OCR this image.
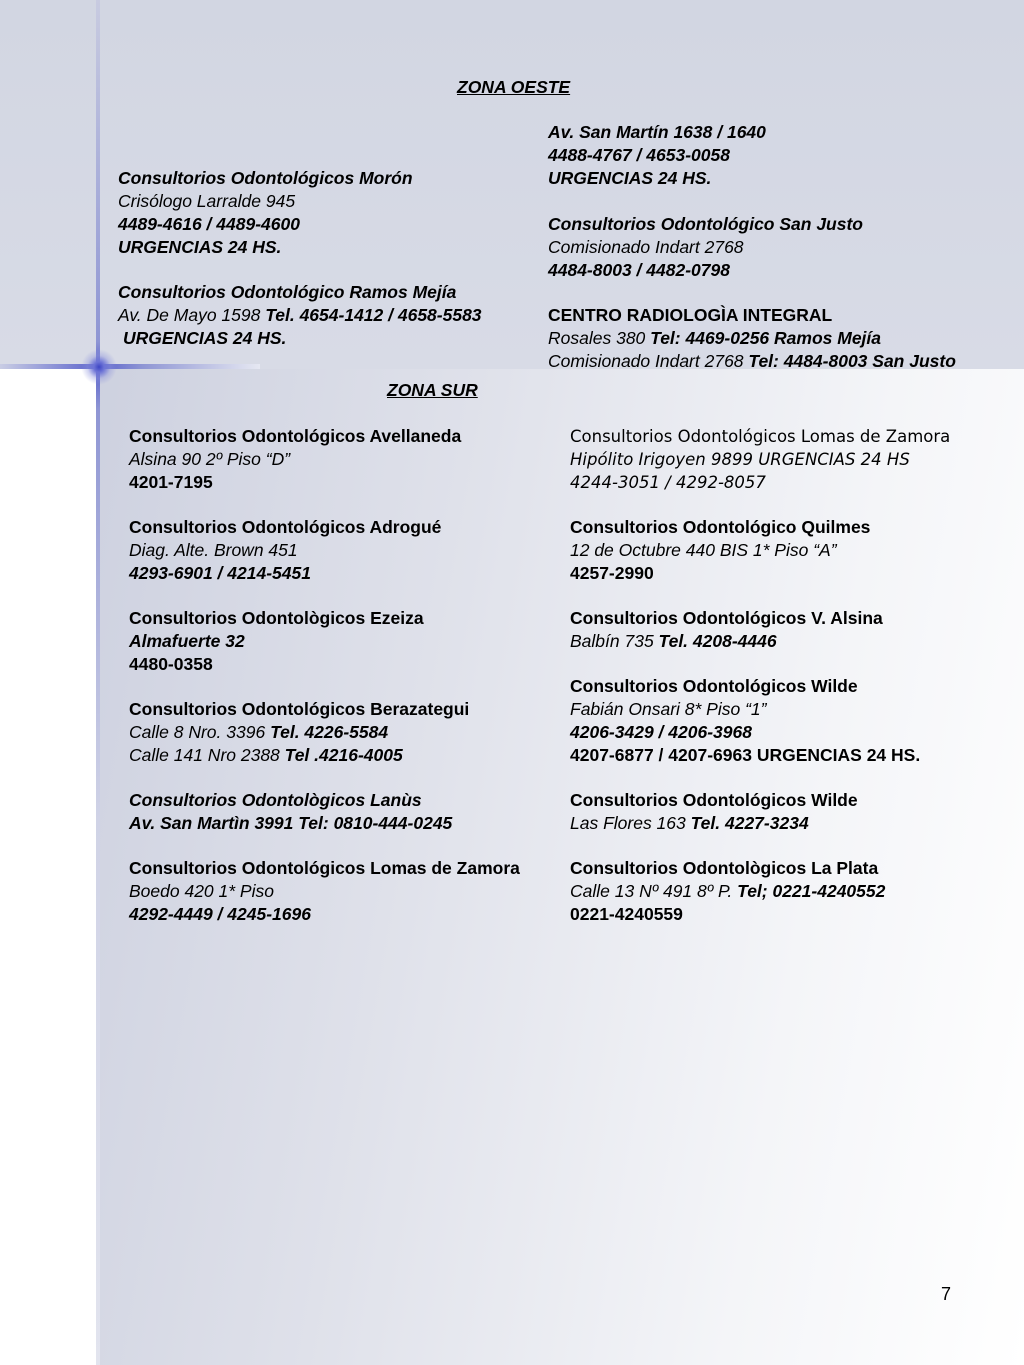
ZONA OESTE

Consultorios Odontológicos Morón

Crisólogo Larralde 945

4489-4616 / 4489-4600

URGENCIAS 24 HS.

Consultorios Odontológico Ramos Mejía

Av. De Mayo 1598 Tel. 4654-1412 / 4658-5583

URGENCIAS 24 HS.

Av. San Martín 1638 / 1640

4488-4767 / 4653-0058

URGENCIAS 24 HS.

Consultorios Odontológico San Justo

Comisionado Indart 2768

4484-8003 / 4482-0798

CENTRO RADIOLOGÌA INTEGRAL

Rosales 380 Tel: 4469-0256 Ramos Mejía

Comisionado Indart 2768 Tel: 4484-8003 San Justo

ZONA SUR

Consultorios Odontológicos Avellaneda

Alsina 90 2º Piso “D”

4201-7195

Consultorios Odontológicos Adrogué

Diag. Alte. Brown 451

4293-6901 / 4214-5451

Consultorios Odontològicos Ezeiza

Almafuerte 32

4480-0358

Consultorios Odontológicos Berazategui

Calle 8 Nro. 3396 Tel. 4226-5584

Calle 141 Nro 2388 Tel .4216-4005

Consultorios Odontològicos Lanùs

Av. San Martìn 3991 Tel: 0810-444-0245

Consultorios Odontológicos Lomas de Zamora

Boedo 420 1* Piso

4292-4449 / 4245-1696

Consultorios Odontológicos Lomas de Zamora

Hipólito Irigoyen 9899 URGENCIAS 24 HS

4244-3051 / 4292-8057

Consultorios Odontológico Quilmes

12 de Octubre 440 BIS 1* Piso “A”

4257-2990

Consultorios Odontológicos V. Alsina

Balbín 735 Tel. 4208-4446

Consultorios Odontológicos Wilde

Fabián Onsari 8* Piso “1”

4206-3429 / 4206-3968

4207-6877 / 4207-6963 URGENCIAS 24 HS.

Consultorios Odontológicos Wilde

Las Flores 163 Tel. 4227-3234

Consultorios Odontològicos La Plata

Calle 13 Nº 491 8º P. Tel; 0221-4240552

0221-4240559

7
